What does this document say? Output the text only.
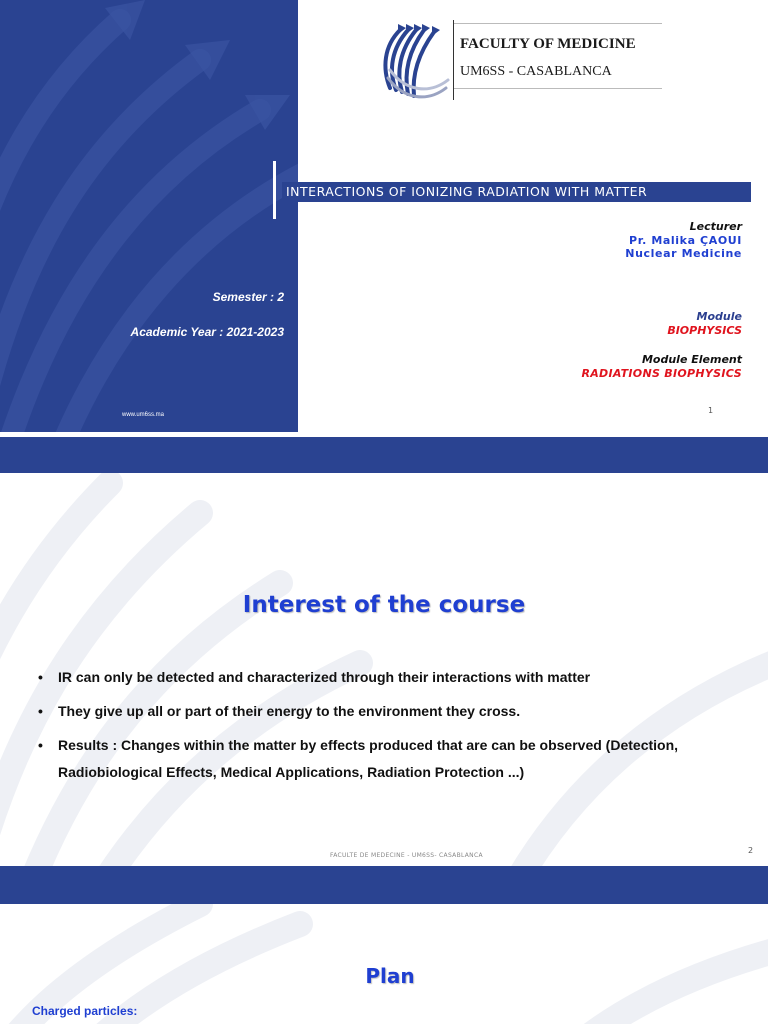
Semester : 2
Academic Year : 2021-2023
www.um6ss.ma
FACULTY OF MEDICINE
UM6SS - CASABLANCA
INTERACTIONS OF IONIZING RADIATION WITH MATTER
Lecturer
Pr. Malika ÇAOUI
Nuclear Medicine
Module
BIOPHYSICS
Module Element
RADIATIONS BIOPHYSICS
1
Interest of the course
• IR can only be detected and characterized through their interactions with matter
• They give up all or part of their energy to the environment they cross.
• Results : Changes within the matter by effects produced that are can be observed (Detection,
Radiobiological Effects, Medical Applications, Radiation Protection ...)
FACULTE DE MEDECINE - UM6SS- CASABLANCA
2
Plan
Charged particles:
